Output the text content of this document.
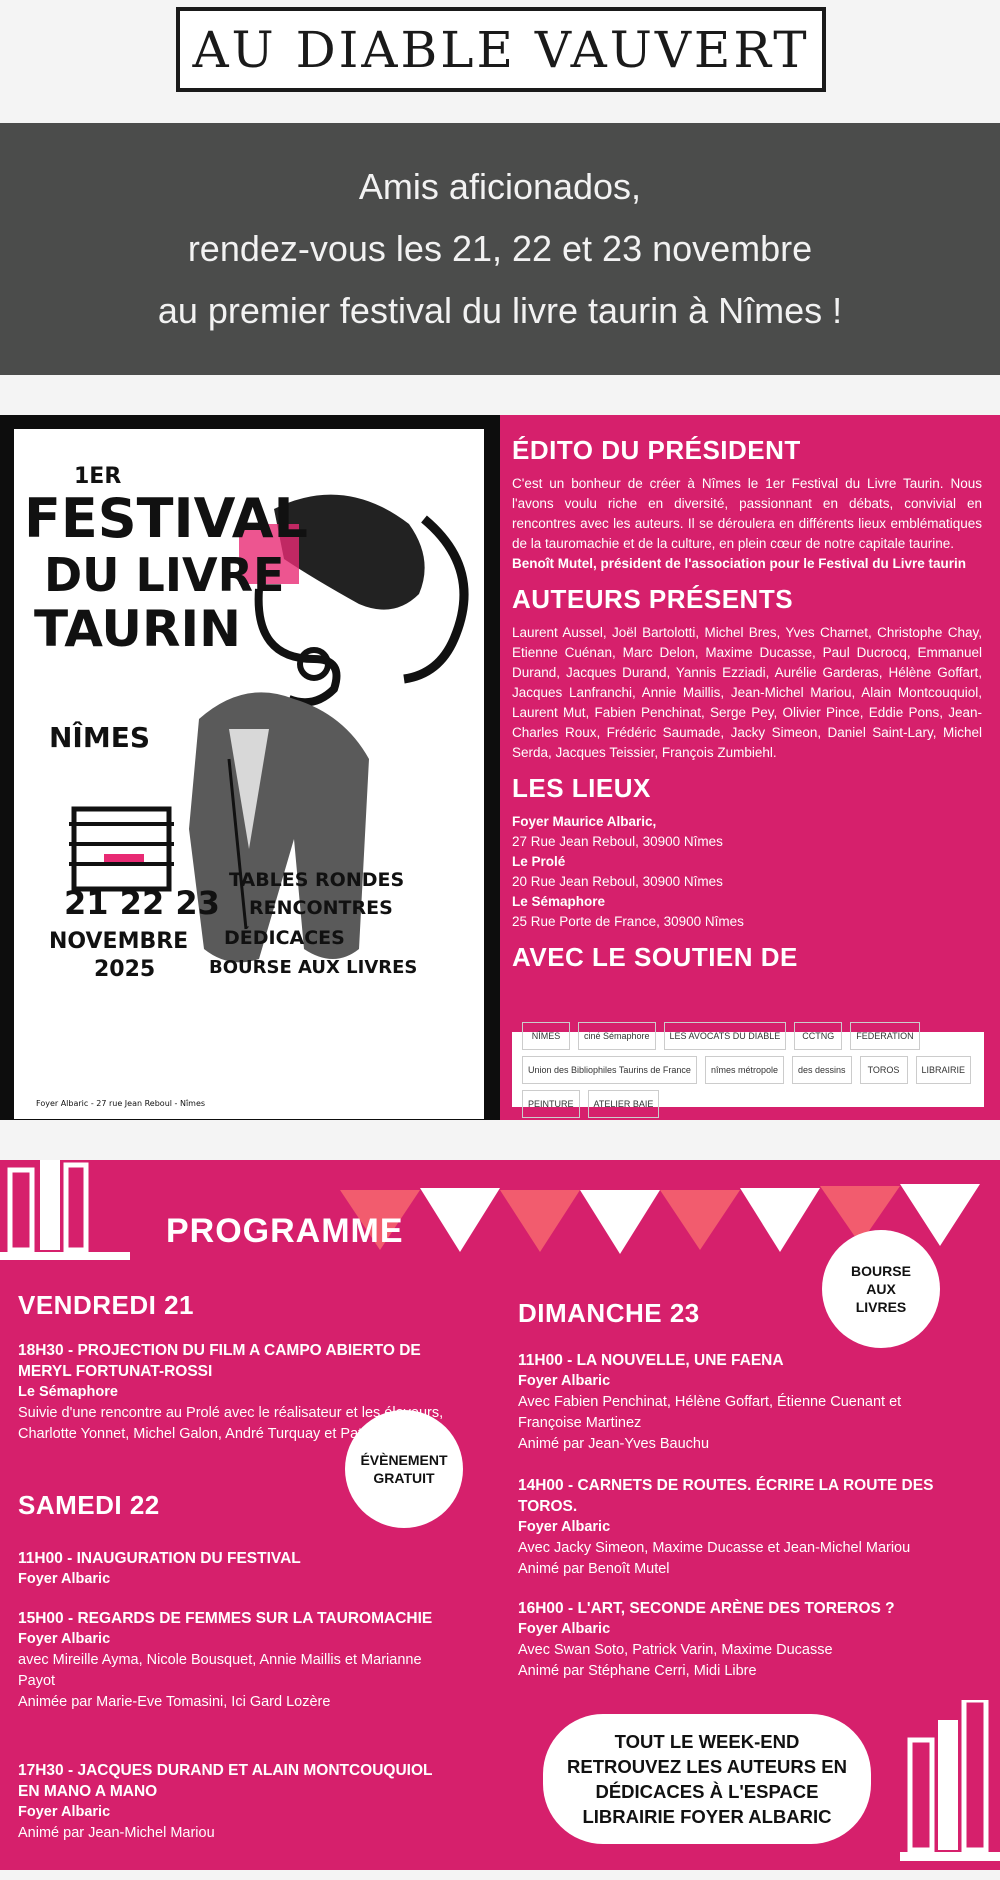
AU DIABLE VAUVERT
Amis aficionados,
rendez-vous les 21, 22 et 23 novembre
au premier festival du livre taurin à Nîmes !
1ER
FESTIVAL
DU LIVRE
TAURIN
NÎMES
21 22 23
NOVEMBRE
2025
TABLES RONDES
RENCONTRES
DÉDICACES
BOURSE AUX LIVRES
Foyer Albaric - 27 rue Jean Reboul - Nîmes
ÉDITO DU PRÉSIDENT

C'est un bonheur de créer à Nîmes le 1er Festival du Livre Taurin. Nous l'avons voulu riche en diversité, passionnant en débats, convivial en rencontres avec les auteurs. Il se déroulera en différents lieux emblématiques de la tauromachie et de la culture, en plein cœur de notre capitale taurine.

Benoît Mutel, président de l'association pour le Festival du Livre taurin

AUTEURS PRÉSENTS

Laurent Aussel, Joël Bartolotti, Michel Bres, Yves Charnet, Christophe Chay, Etienne Cuénan, Marc Delon, Maxime Ducasse, Paul Ducrocq, Emmanuel Durand, Jacques Durand, Yannis Ezziadi, Aurélie Garderas, Hélène Goffart, Jacques Lanfranchi, Annie Maillis, Jean-Michel Mariou, Alain Montcouquiol, Laurent Mut, Fabien Penchinat, Serge Pey, Olivier Pince, Eddie Pons, Jean-Charles Roux, Frédéric Saumade, Jacky Simeon, Daniel Saint-Lary, Michel Serda, Jacques Teissier, François Zumbiehl.

LES LIEUX

Foyer Maurice Albaric,

27 Rue Jean Reboul, 30900 Nîmes

Le Prolé

20 Rue Jean Reboul, 30900 Nîmes

Le Sémaphore

25 Rue Porte de France, 30900 Nîmes

AVEC LE SOUTIEN DE
NÎMES	ciné Sémaphore	LES AVOCATS DU DIABLE	CCTNG	FEDERATION
Union des Bibliophiles Taurins de France	nîmes métropole	des dessins	TOROS	LIBRAIRIE
PEINTURE	ATELIER BAIE
PROGRAMME
BOURSE AUX LIVRES
ÉVÈNEMENT GRATUIT
VENDREDI 21
18H30 - PROJECTION DU FILM A CAMPO ABIERTO DE MERYL FORTUNAT-ROSSI
Le Sémaphore
Suivie d'une rencontre au Prolé avec le réalisateur et les éleveurs, Charlotte Yonnet, Michel Galon, André Turquay et Patrick Laugier
SAMEDI 22
11H00 - INAUGURATION DU FESTIVAL
Foyer Albaric
15H00 - REGARDS DE FEMMES SUR LA TAUROMACHIE
Foyer Albaric
avec Mireille Ayma, Nicole Bousquet, Annie Maillis et Marianne Payot
Animée par Marie-Eve Tomasini, Ici Gard Lozère
17H30 - JACQUES DURAND ET ALAIN MONTCOUQUIOL EN MANO A MANO
Foyer Albaric
Animé par Jean-Michel Mariou
DIMANCHE 23
11H00 - LA NOUVELLE, UNE FAENA
Foyer Albaric
Avec Fabien Penchinat, Hélène Goffart, Étienne Cuenant et Françoise Martinez
Animé par Jean-Yves Bauchu
14H00 - CARNETS DE ROUTES. ÉCRIRE LA ROUTE DES TOROS.
Foyer Albaric
Avec Jacky Simeon, Maxime Ducasse et Jean-Michel Mariou
Animé par Benoît Mutel
16H00 - L'ART, SECONDE ARÈNE DES TOREROS ?
Foyer Albaric
Avec Swan Soto, Patrick Varin, Maxime Ducasse
Animé par Stéphane Cerri, Midi Libre
TOUT LE WEEK-END RETROUVEZ LES AUTEURS EN DÉDICACES À L'ESPACE LIBRAIRIE FOYER ALBARIC
